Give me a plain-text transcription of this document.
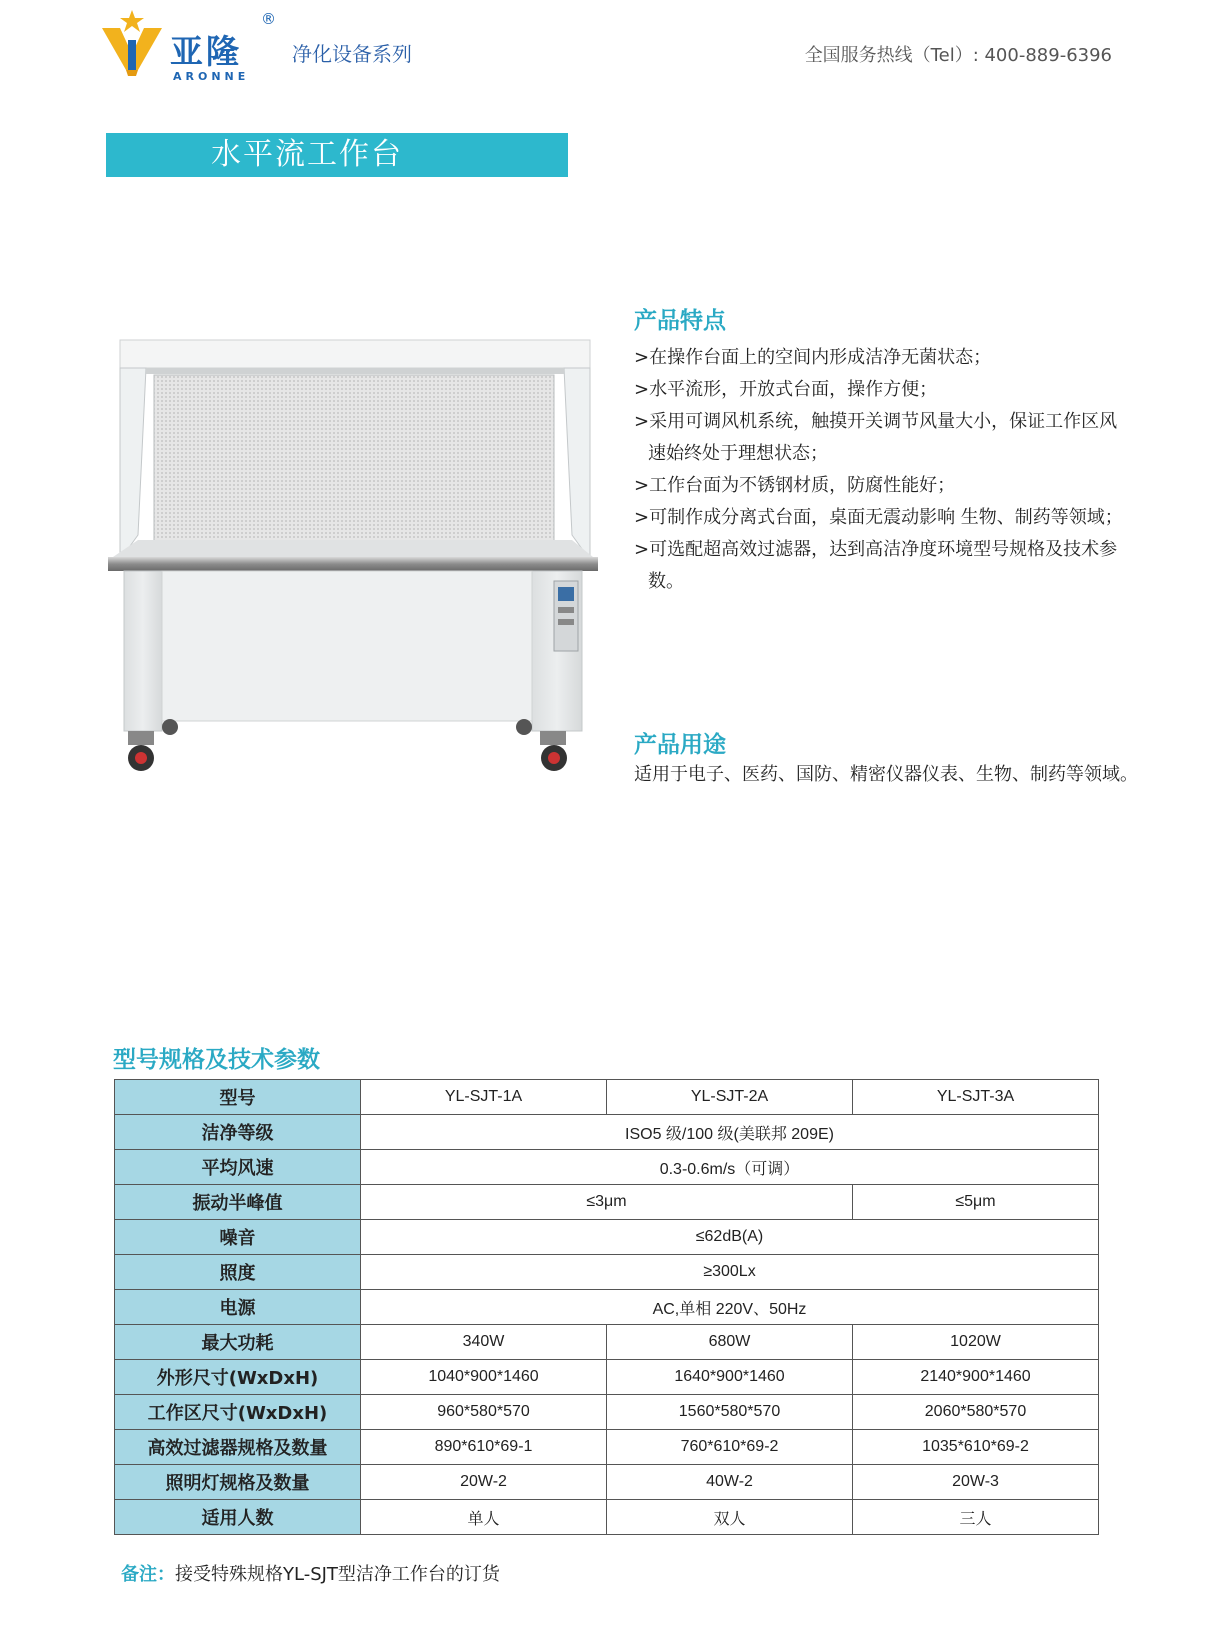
亚隆
®
ARONNE
净化设备系列	全国服务热线（Tel）: 400-889-6396
水平流工作台
产品特点
>在操作台面上的空间内形成洁净无菌状态；
>水平流形，开放式台面，操作方便；
>采用可调风机系统，触摸开关调节风量大小，保证工作区风速始终处于理想状态；
>工作台面为不锈钢材质，防腐性能好；
>可制作成分离式台面，桌面无震动影响 生物、制药等领域；
>可选配超高效过滤器，达到高洁净度环境型号规格及技术参数。
产品用途
适用于电子、医药、国防、精密仪器仪表、生物、制药等领域。
型号规格及技术参数
型号	YL-SJT-1A	YL-SJT-2A	YL-SJT-3A
洁净等级	ISO5 级/100 级(美联邦 209E)		
平均风速	0.3-0.6m/s（可调）		
振动半峰值	≤3μm		≤5μm
噪音	≤62dB(A)		
照度	≥300Lx		
电源	AC,单相 220V、50Hz		
最大功耗	340W	680W	1020W
外形尺寸(WxDxH)	1040*900*1460	1640*900*1460	2140*900*1460
工作区尺寸(WxDxH)	960*580*570	1560*580*570	2060*580*570
高效过滤器规格及数量	890*610*69-1	760*610*69-2	1035*610*69-2
照明灯规格及数量	20W-2	40W-2	20W-3
适用人数	单人	双人	三人
备注：接受特殊规格YL-SJT型洁净工作台的订货
